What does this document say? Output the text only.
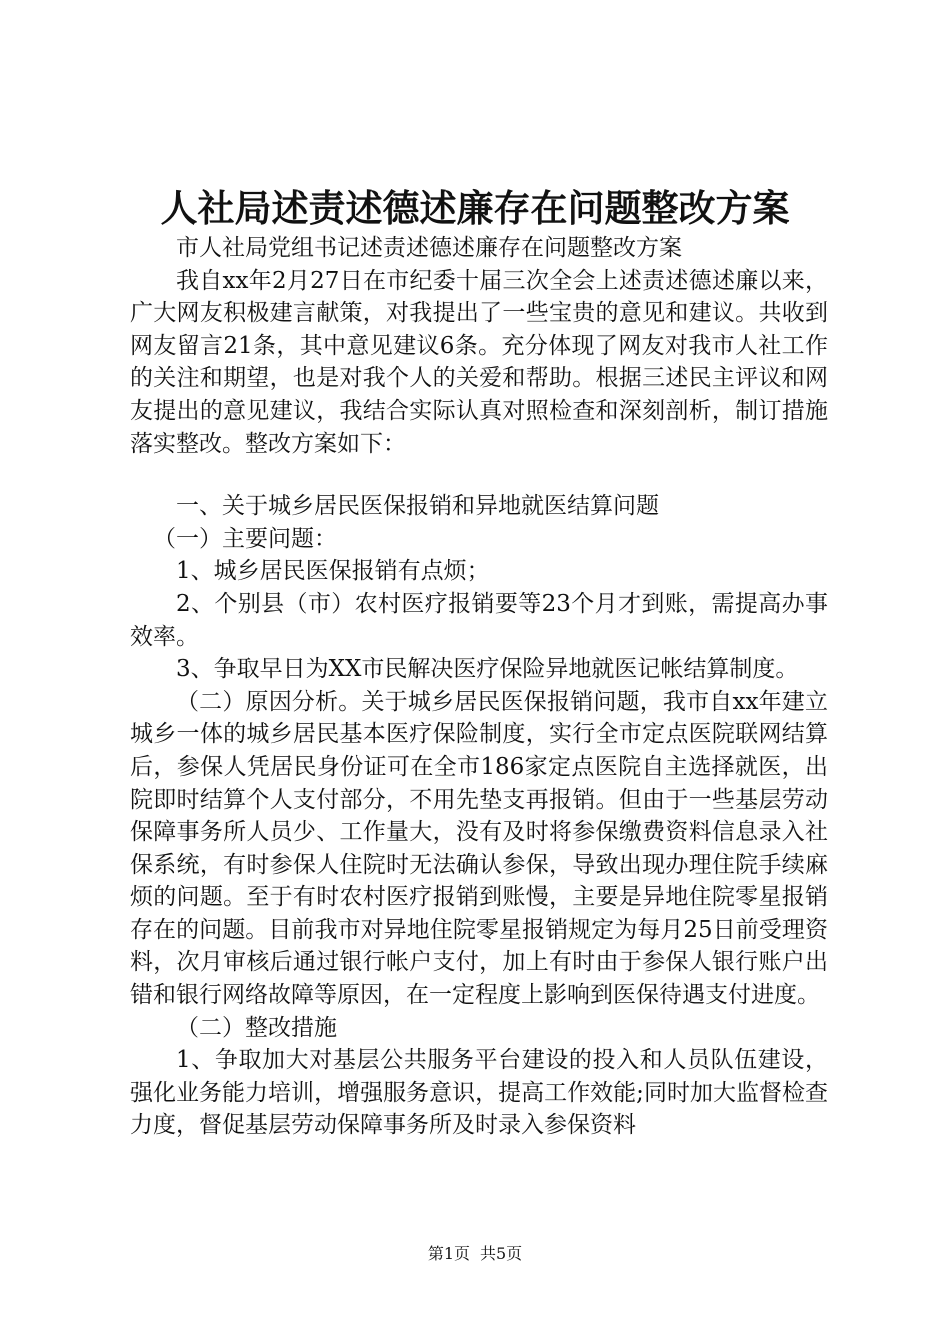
人社局述责述德述廉存在问题整改方案

市人社局党组书记述责述德述廉存在问题整改方案

我自xx年2月27日在市纪委十届三次全会上述责述德述廉以来，广大网友积极建言献策，对我提出了一些宝贵的意见和建议。共收到网友留言21条，其中意见建议6条。充分体现了网友对我市人社工作的关注和期望，也是对我个人的关爱和帮助。根据三述民主评议和网友提出的意见建议，我结合实际认真对照检查和深刻剖析，制订措施落实整改。整改方案如下：

一、关于城乡居民医保报销和异地就医结算问题

（一）主要问题：

1、城乡居民医保报销有点烦；

2、个别县（市）农村医疗报销要等23个月才到账，需提高办事效率。

3、争取早日为XX市民解决医疗保险异地就医记帐结算制度。

（二）原因分析。关于城乡居民医保报销问题，我市自xx年建立城乡一体的城乡居民基本医疗保险制度，实行全市定点医院联网结算后，参保人凭居民身份证可在全市186家定点医院自主选择就医，出院即时结算个人支付部分，不用先垫支再报销。但由于一些基层劳动保障事务所人员少、工作量大，没有及时将参保缴费资料信息录入社保系统，有时参保人住院时无法确认参保，导致出现办理住院手续麻烦的问题。至于有时农村医疗报销到账慢，主要是异地住院零星报销存在的问题。目前我市对异地住院零星报销规定为每月25日前受理资料，次月审核后通过银行帐户支付，加上有时由于参保人银行账户出错和银行网络故障等原因，在一定程度上影响到医保待遇支付进度。

（二）整改措施

1、争取加大对基层公共服务平台建设的投入和人员队伍建设，强化业务能力培训，增强服务意识，提高工作效能;同时加大监督检查力度，督促基层劳动保障事务所及时录入参保资料

第1页 共5页
